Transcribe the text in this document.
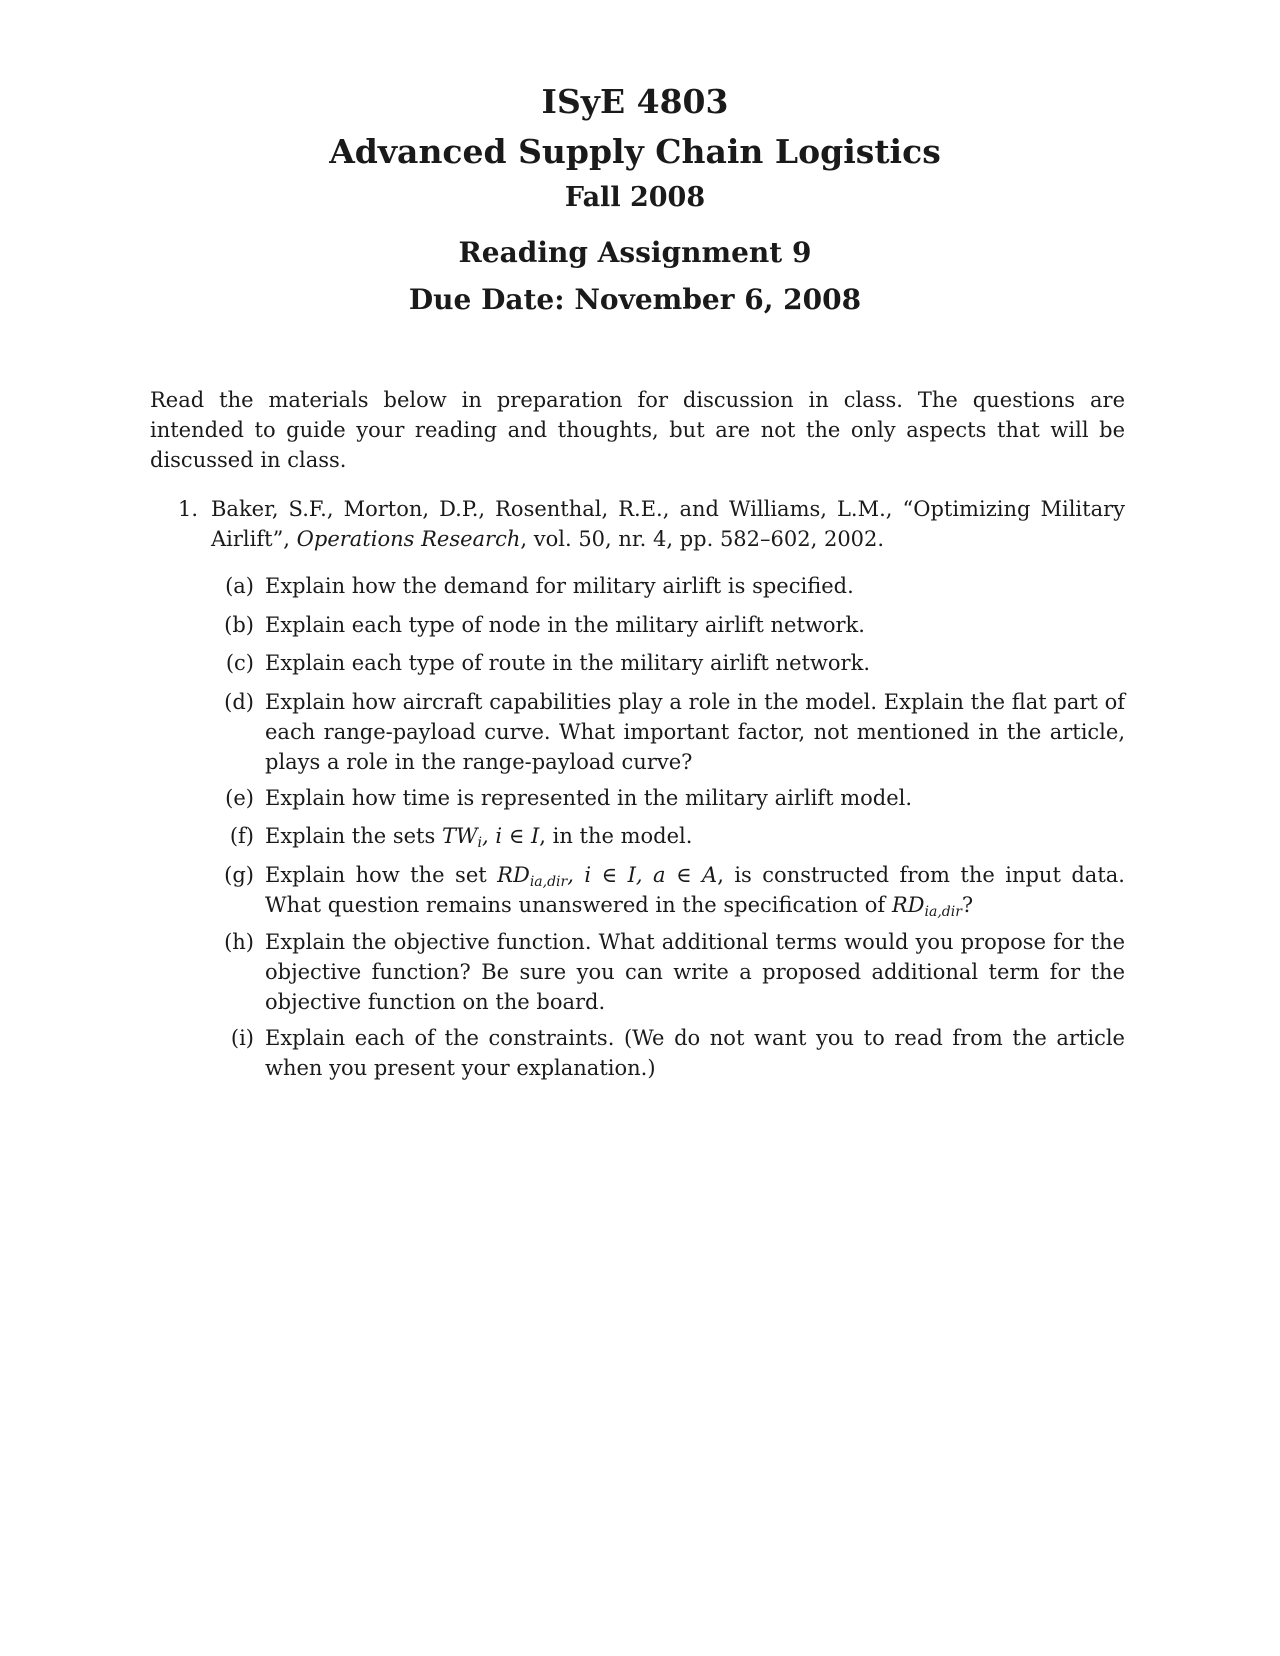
ISyE 4803
Advanced Supply Chain Logistics
Fall 2008
Reading Assignment 9
Due Date: November 6, 2008
Read the materials below in preparation for discussion in class. The questions are intended to guide your reading and thoughts, but are not the only aspects that will be discussed in class.
1. Baker, S.F., Morton, D.P., Rosenthal, R.E., and Williams, L.M., “Optimizing Military Airlift”, Operations Research, vol. 50, nr. 4, pp. 582–602, 2002.
(a) Explain how the demand for military airlift is specified.
(b) Explain each type of node in the military airlift network.
(c) Explain each type of route in the military airlift network.
(d) Explain how aircraft capabilities play a role in the model. Explain the flat part of each range-payload curve. What important factor, not mentioned in the article, plays a role in the range-payload curve?
(e) Explain how time is represented in the military airlift model.
(f) Explain the sets $TW_i$, i ∈ I, in the model.
(g) Explain how the set $RD_{ia,dir}$, i ∈ I, a ∈ A, is constructed from the input data. What question remains unanswered in the specification of $RD_{ia,dir}$?
(h) Explain the objective function. What additional terms would you propose for the objective function? Be sure you can write a proposed additional term for the objective function on the board.
(i) Explain each of the constraints. (We do not want you to read from the article when you present your explanation.)
